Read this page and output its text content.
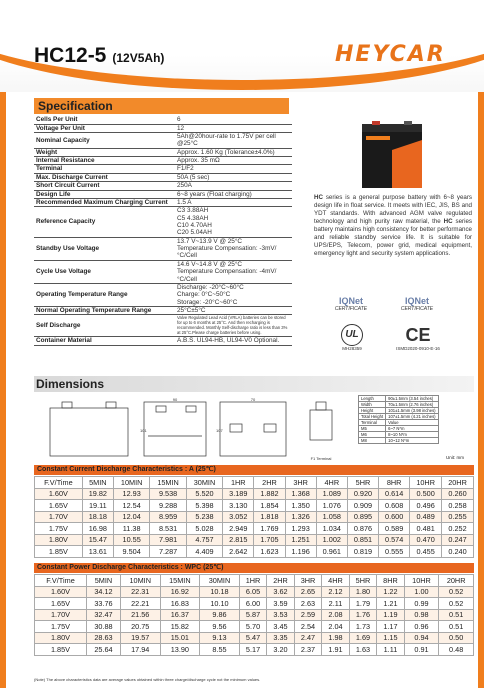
HC12-5 (12V5Ah)	HEYCAR
Specification
Cells Per Unit	6
Voltage Per Unit	12
Nominal Capacity	5Ah@20hour-rate to 1.75V per cell @25°C
Weight	Approx. 1.60 Kg (Tolerance±4.0%)
Internal Resistance	Approx. 35 mΩ
Terminal	F1/F2
Max. Discharge Current	50A (5 sec)
Short Circuit Current	250A
Design Life	6~8 years (Float charging)
Recommended Maximum Charging Current	1.5 A
Reference Capacity	C3 3.88AH
C5 4.38AH
C10 4.70AH
C20 5.04AH
Standby Use Voltage	13.7 V~13.9 V @ 25°C
Temperature Compensation: -3mV/°C/Cell
Cycle Use Voltage	14.6 V~14.8 V @ 25°C
Temperature Compensation: -4mV/°C/Cell
Operating Temperature Range	Discharge: -20°C~60°C
Charge: 0°C~50°C
Storage: -20°C~60°C
Normal Operating Temperature Range	25°C±5°C
Self Discharge	Valve Regulated Lead Acid (VRLA) batteries can be stored for up to 6 months at 25°C. And then recharging is recommended. Monthly Self-discharge ratio is less than 3% at 25°C.Please charge batteries before using.
Container Material	A.B.S. UL94-HB, UL94-V0 Optional.
HC series is a general purpose battery with 6~8 years design life in float service. It meets with IEC, JIS, BS and YDT standards. With advanced AGM valve regulated technology and high purity raw material, the HC series battery maintains high consistency for better performance and reliable standby service life. It is suitable for UPS/EPS, Telecom, power grid, medical equipment, emergency light and security system applications.
IQNet
CERTIFICATE
IQNet
CERTIFICATE
UL
MH28359
CE
ISMD2020-0910-E-16
Dimensions
90	70
101	107
F1 Terminal
Length	90±1.5mm (3.54 inches)
Width	70±1.5mm (2.76 inches)
Height	101±1.5mm (3.98 inches)
Total Height	107±1.5mm (4.21 inches)
Terminal	Value
M5	6~7 N*m
M6	8~10 N*m
M8	10~12 N*m
Unit: mm
Constant Current Discharge Characteristics : A (25℃)
F.V/Time	5MIN	10MIN	15MIN	30MIN	1HR	2HR	3HR	4HR	5HR	8HR	10HR	20HR
1.60V	19.82	12.93	9.538	5.520	3.189	1.882	1.368	1.089	0.920	0.614	0.500	0.260
1.65V	19.11	12.54	9.288	5.398	3.130	1.854	1.350	1.076	0.909	0.608	0.496	0.258
1.70V	18.18	12.04	8.959	5.238	3.052	1.818	1.326	1.058	0.895	0.600	0.489	0.255
1.75V	16.98	11.38	8.531	5.028	2.949	1.769	1.293	1.034	0.876	0.589	0.481	0.252
1.80V	15.47	10.55	7.981	4.757	2.815	1.705	1.251	1.002	0.851	0.574	0.470	0.247
1.85V	13.61	9.504	7.287	4.409	2.642	1.623	1.196	0.961	0.819	0.555	0.455	0.240
Constant Power Discharge Characteristics : WPC (25℃)
F.V/Time	5MIN	10MIN	15MIN	30MIN	1HR	2HR	3HR	4HR	5HR	8HR	10HR	20HR
1.60V	34.12	22.31	16.92	10.18	6.05	3.62	2.65	2.12	1.80	1.22	1.00	0.52
1.65V	33.76	22.21	16.83	10.10	6.00	3.59	2.63	2.11	1.79	1.21	0.99	0.52
1.70V	32.47	21.56	16.37	9.86	5.87	3.53	2.59	2.08	1.76	1.19	0.98	0.51
1.75V	30.88	20.75	15.82	9.56	5.70	3.45	2.54	2.04	1.73	1.17	0.96	0.51
1.80V	28.63	19.57	15.01	9.13	5.47	3.35	2.47	1.98	1.69	1.15	0.94	0.50
1.85V	25.64	17.94	13.90	8.55	5.17	3.20	2.37	1.91	1.63	1.11	0.91	0.48
(Note) The above characteristics data are average values obtained within three charge/discharge cycle not the minimum values.
